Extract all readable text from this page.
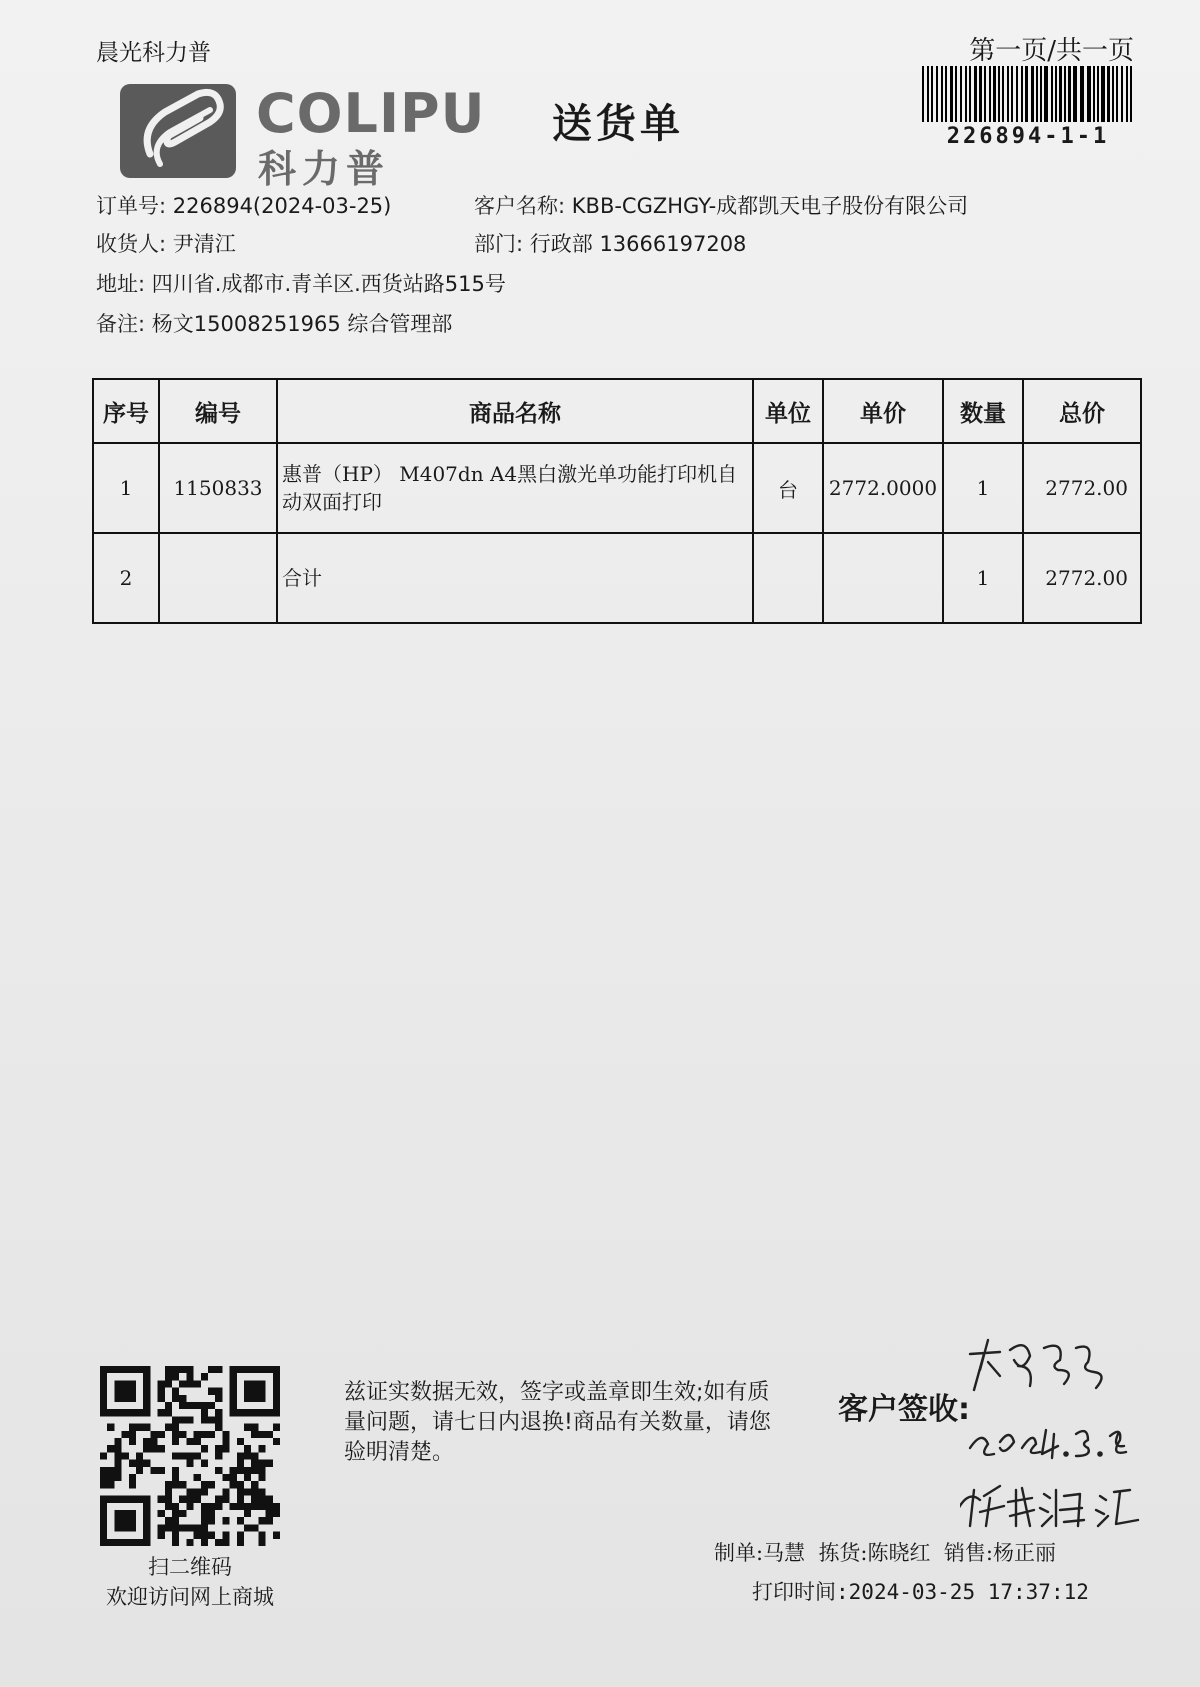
晨光科力普	第一页/共一页
226894-1-1
COLIPU
科力普
送货单
订单号: 226894(2024-03-25)	客户名称: KBB-CGZHGY-成都凯天电子股份有限公司
收货人: 尹清江	部门: 行政部 13666197208
地址: 四川省.成都市.青羊区.西货站路515号
备注: 杨文15008251965 综合管理部
序号	编号	商品名称	单位	单价	数量	总价
1	1150833	惠普（HP） M407dn A4黑白激光单功能打印机自动双面打印	台	2772.0000	1	2772.00
2		合计			1	2772.00
扫二维码
欢迎访问网上商城
兹证实数据无效，签字或盖章即生效;如有质量问题，请七日内退换!商品有关数量，请您验明清楚。
客户签收:
制单:马慧 拣货:陈晓红 销售:杨正丽
打印时间:2024-03-25 17:37:12
